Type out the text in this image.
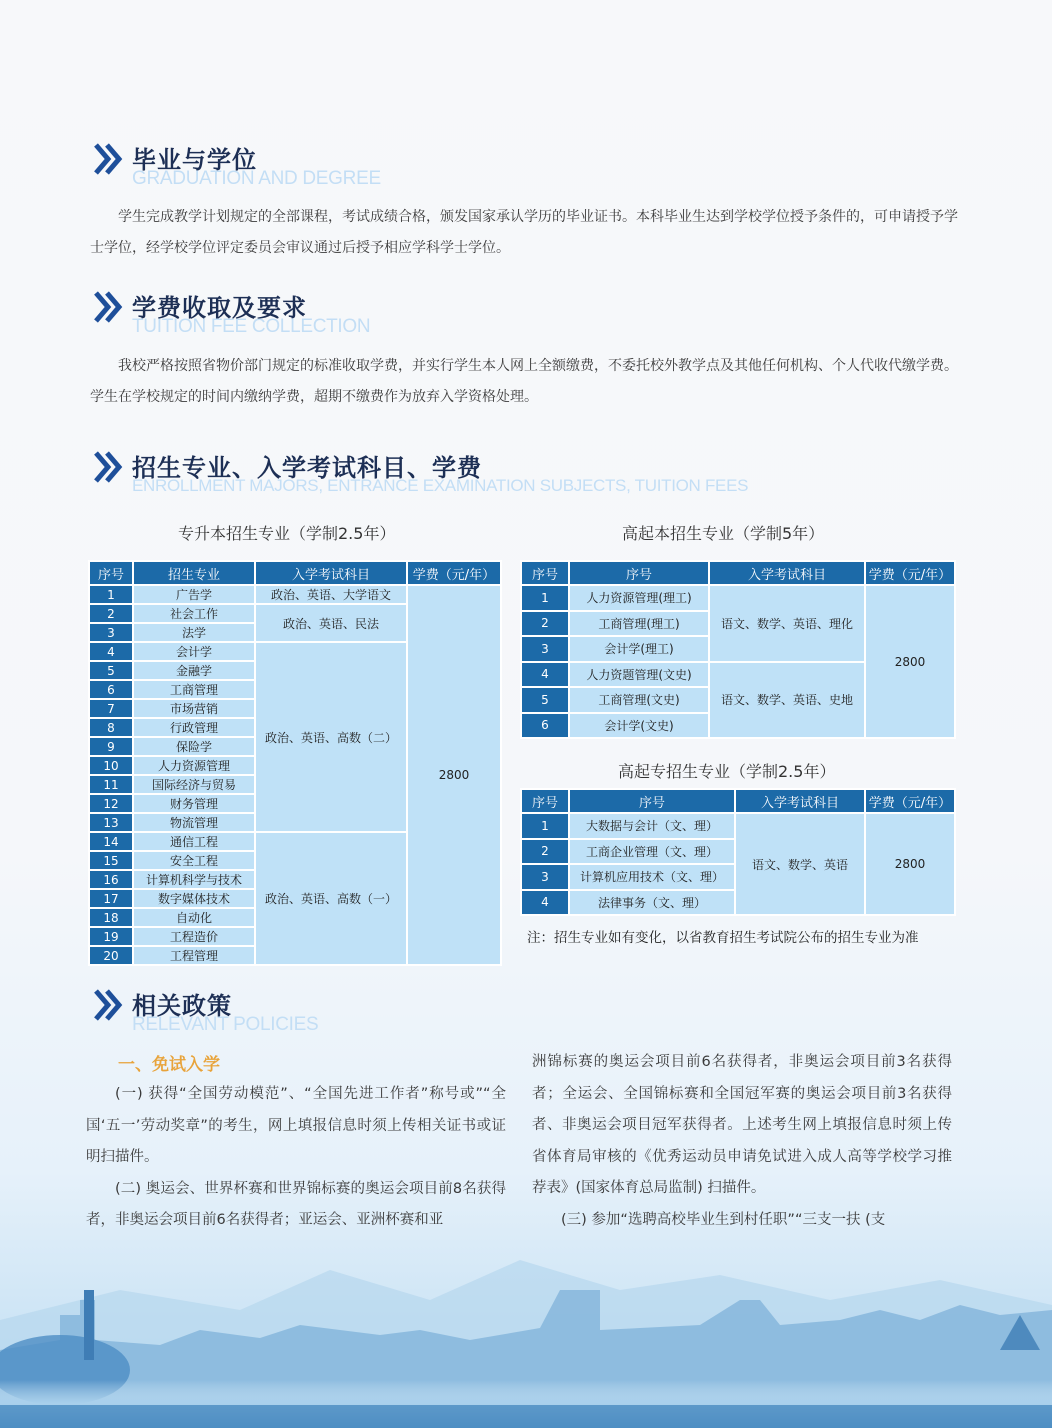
毕业与学位
GRADUATION AND DEGREE

学生完成教学计划规定的全部课程，考试成绩合格，颁发国家承认学历的毕业证书。本科毕业生达到学校学位授予条件的，可申请授予学士学位，经学校学位评定委员会审议通过后授予相应学科学士学位。

学费收取及要求
TUITION FEE COLLECTION

我校严格按照省物价部门规定的标准收取学费，并实行学生本人网上全额缴费，不委托校外教学点及其他任何机构、个人代收代缴学费。学生在学校规定的时间内缴纳学费，超期不缴费作为放弃入学资格处理。

招生专业、入学考试科目、学费
ENROLLMENT MAJORS, ENTRANCE EXAMINATION SUBJECTS, TUITION FEES
专升本招生专业（学制2.5年）
序号	招生专业	入学考试科目	学费（元/年）
1	广告学	政治、英语、大学语文	2800
2	社会工作	政治、英语、民法	
3	法学		
4	会计学	政治、英语、高数（二）	
5	金融学		
6	工商管理		
7	市场营销		
8	行政管理		
9	保险学		
10	人力资源管理		
11	国际经济与贸易		
12	财务管理		
13	物流管理		
14	通信工程	政治、英语、高数（一）	
15	安全工程		
16	计算机科学与技术		
17	数字媒体技术		
18	自动化		
19	工程造价		
20	工程管理		
高起本招生专业（学制5年）
序号	序号	入学考试科目	学费（元/年）
1	人力资源管理(理工)	语文、数学、英语、理化	2800
2	工商管理(理工)		
3	会计学(理工)		
4	人力资题管理(文史)	语文、数学、英语、史地	
5	工商管理(文史)		
6	会计学(文史)		
高起专招生专业（学制2.5年）
序号	序号	入学考试科目	学费（元/年）
1	大数据与会计（文、理）	语文、数学、英语	2800
2	工商企业管理（文、理）		
3	计算机应用技术（文、理）		
4	法律事务（文、理）		
注：招生专业如有变化，以省教育招生考试院公布的招生专业为准
相关政策
RELEVANT POLICIES
一、免试入学

(一) 获得“全国劳动模范”、“全国先进工作者”称号或”“全国‘五一’劳动奖章”的考生，网上填报信息时须上传相关证书或证明扫描件。

(二) 奥运会、世界杯赛和世界锦标赛的奥运会项目前8名获得者，非奥运会项目前6名获得者；亚运会、亚洲杯赛和亚

洲锦标赛的奥运会项目前6名获得者，非奥运会项目前3名获得者；全运会、全国锦标赛和全国冠军赛的奥运会项目前3名获得者、非奥运会项目冠军获得者。上述考生网上填报信息时须上传省体育局审核的《优秀运动员申请免试进入成人高等学校学习推荐表》(国家体育总局监制) 扫描件。

(三) 参加“选聘高校毕业生到村任职”“三支一扶 (支
